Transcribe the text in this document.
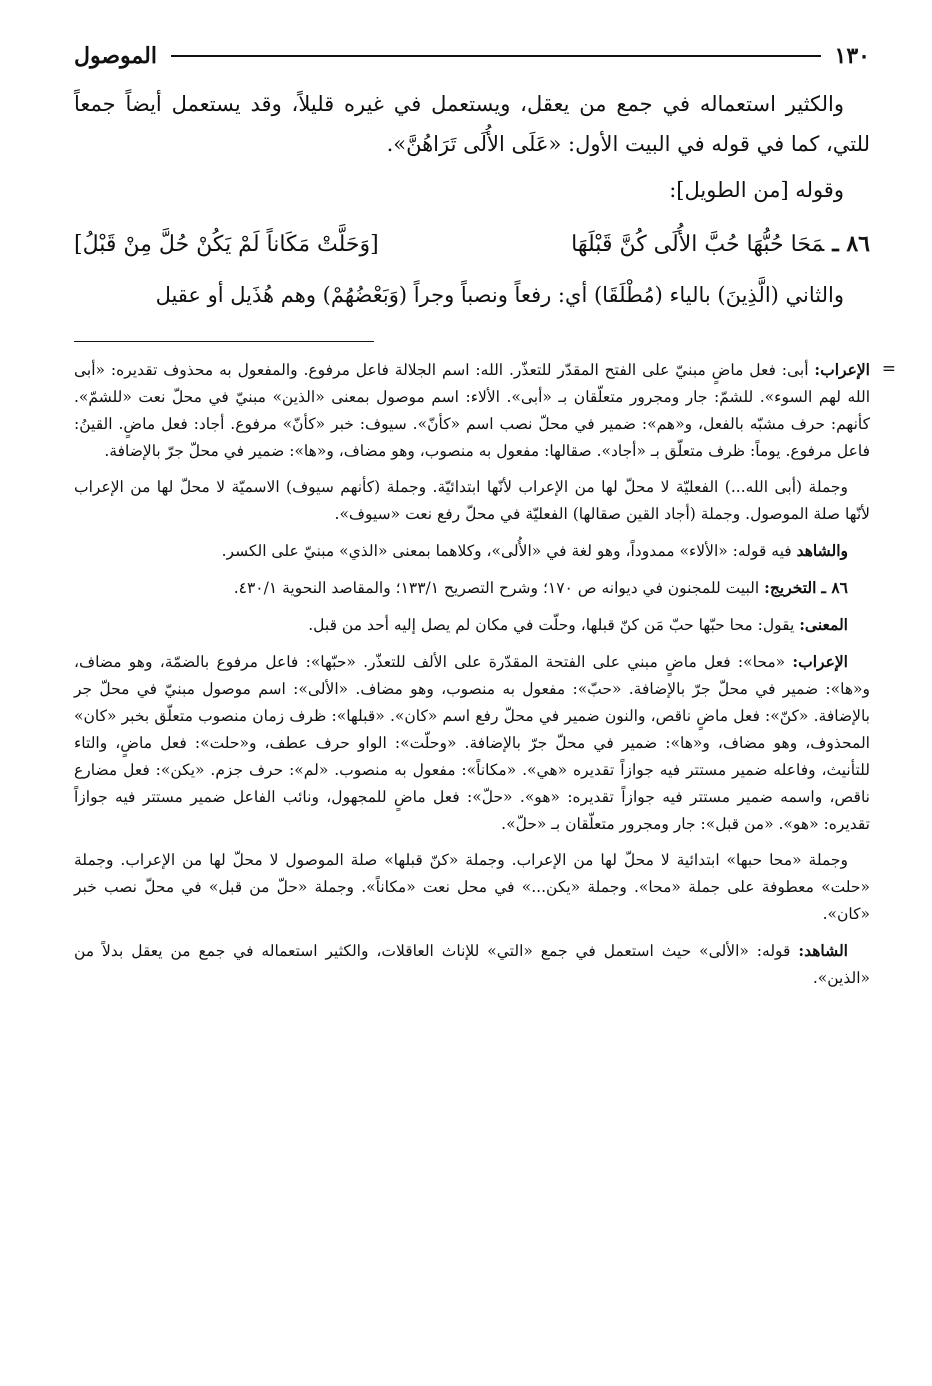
١٣٠
الموصول

والكثير استعماله في جمع من يعقل، ويستعمل في غيره قليلاً، وقد يستعمل أيضاً جمعاً للتي، كما في قوله في البيت الأول: «عَلَى الأُلَى تَرَاهُنَّ».

وقوله [من الطويل]:

٨٦ ـمَحَا حُبُّهَا حُبَّ الأُلَى كُنَّ قَبْلَهَا
[وَحَلَّتْ مَكَاناً لَمْ يَكُنْ حُلَّ مِنْ قَبْلُ]

والثاني (الَّذِينَ) بالياء (مُطْلَقَا) أي: رفعاً ونصباً وجراً (وَبَعْضُهُمْ) وهم هُذَيل أو عقيل

=
الإعراب: أبى: فعل ماضٍ مبنيّ على الفتح المقدّر للتعذّر. الله: اسم الجلالة فاعل مرفوع. والمفعول به محذوف تقديره: «أبى الله لهم السوء». للشمّ: جار ومجرور متعلّقان بـ «أبى». الألاء: اسم موصول بمعنى «الذين» مبنيّ في محلّ نعت «للشمّ». كأنهم: حرف مشبّه بالفعل، و«هم»: ضمير في محلّ نصب اسم «كأنّ». سيوف: خبر «كأنّ» مرفوع. أجاد: فعل ماضٍ. القينُ: فاعل مرفوع. يوماً: ظرف متعلّق بـ «أجاد». صقالها: مفعول به منصوب، وهو مضاف، و«ها»: ضمير في محلّ جرّ بالإضافة.

وجملة (أبى الله...) الفعليّة لا محلّ لها من الإعراب لأنّها ابتدائيّة. وجملة (كأنهم سيوف) الاسميّة لا محلّ لها من الإعراب لأنّها صلة الموصول. وجملة (أجاد القين صقالها) الفعليّة في محلّ رفع نعت «سيوف».

والشاهد فيه قوله: «الألاء» ممدوداً، وهو لغة في «الأُلى»، وكلاهما بمعنى «الذي» مبنيّ على الكسر.

٨٦ ـ التخريج: البيت للمجنون في ديوانه ص ١٧٠؛ وشرح التصريح ١٣٣/١؛ والمقاصد النحوية ٤٣٠/١.

المعنى: يقول: محا حبّها حبّ مَن كنّ قبلها، وحلّت في مكان لم يصل إليه أحد من قبل.

الإعراب: «محا»: فعل ماضٍ مبني على الفتحة المقدّرة على الألف للتعذّر. «حبّها»: فاعل مرفوع بالضمّة، وهو مضاف، و«ها»: ضمير في محلّ جرّ بالإضافة. «حبّ»: مفعول به منصوب، وهو مضاف. «الألى»: اسم موصول مبنيّ في محلّ جر بالإضافة. «كنّ»: فعل ماضٍ ناقص، والنون ضمير في محلّ رفع اسم «كان». «قبلها»: ظرف زمان منصوب متعلّق بخبر «كان» المحذوف، وهو مضاف، و«ها»: ضمير في محلّ جرّ بالإضافة. «وحلّت»: الواو حرف عطف، و«حلت»: فعل ماضٍ، والتاء للتأنيث، وفاعله ضمير مستتر فيه جوازاً تقديره «هي». «مكاناً»: مفعول به منصوب. «لم»: حرف جزم. «يكن»: فعل مضارع ناقص، واسمه ضمير مستتر فيه جوازاً تقديره: «هو». «حلّ»: فعل ماضٍ للمجهول، ونائب الفاعل ضمير مستتر فيه جوازاً تقديره: «هو». «من قبل»: جار ومجرور متعلّقان بـ «حلّ».

وجملة «محا حبها» ابتدائية لا محلّ لها من الإعراب. وجملة «كنّ قبلها» صلة الموصول لا محلّ لها من الإعراب. وجملة «حلت» معطوفة على جملة «محا». وجملة «يكن...» في محل نعت «مكاناً». وجملة «حلّ من قبل» في محلّ نصب خبر «كان».

الشاهد: قوله: «الألى» حيث استعمل في جمع «التي» للإناث العاقلات، والكثير استعماله في جمع من يعقل بدلاً من «الذين».
